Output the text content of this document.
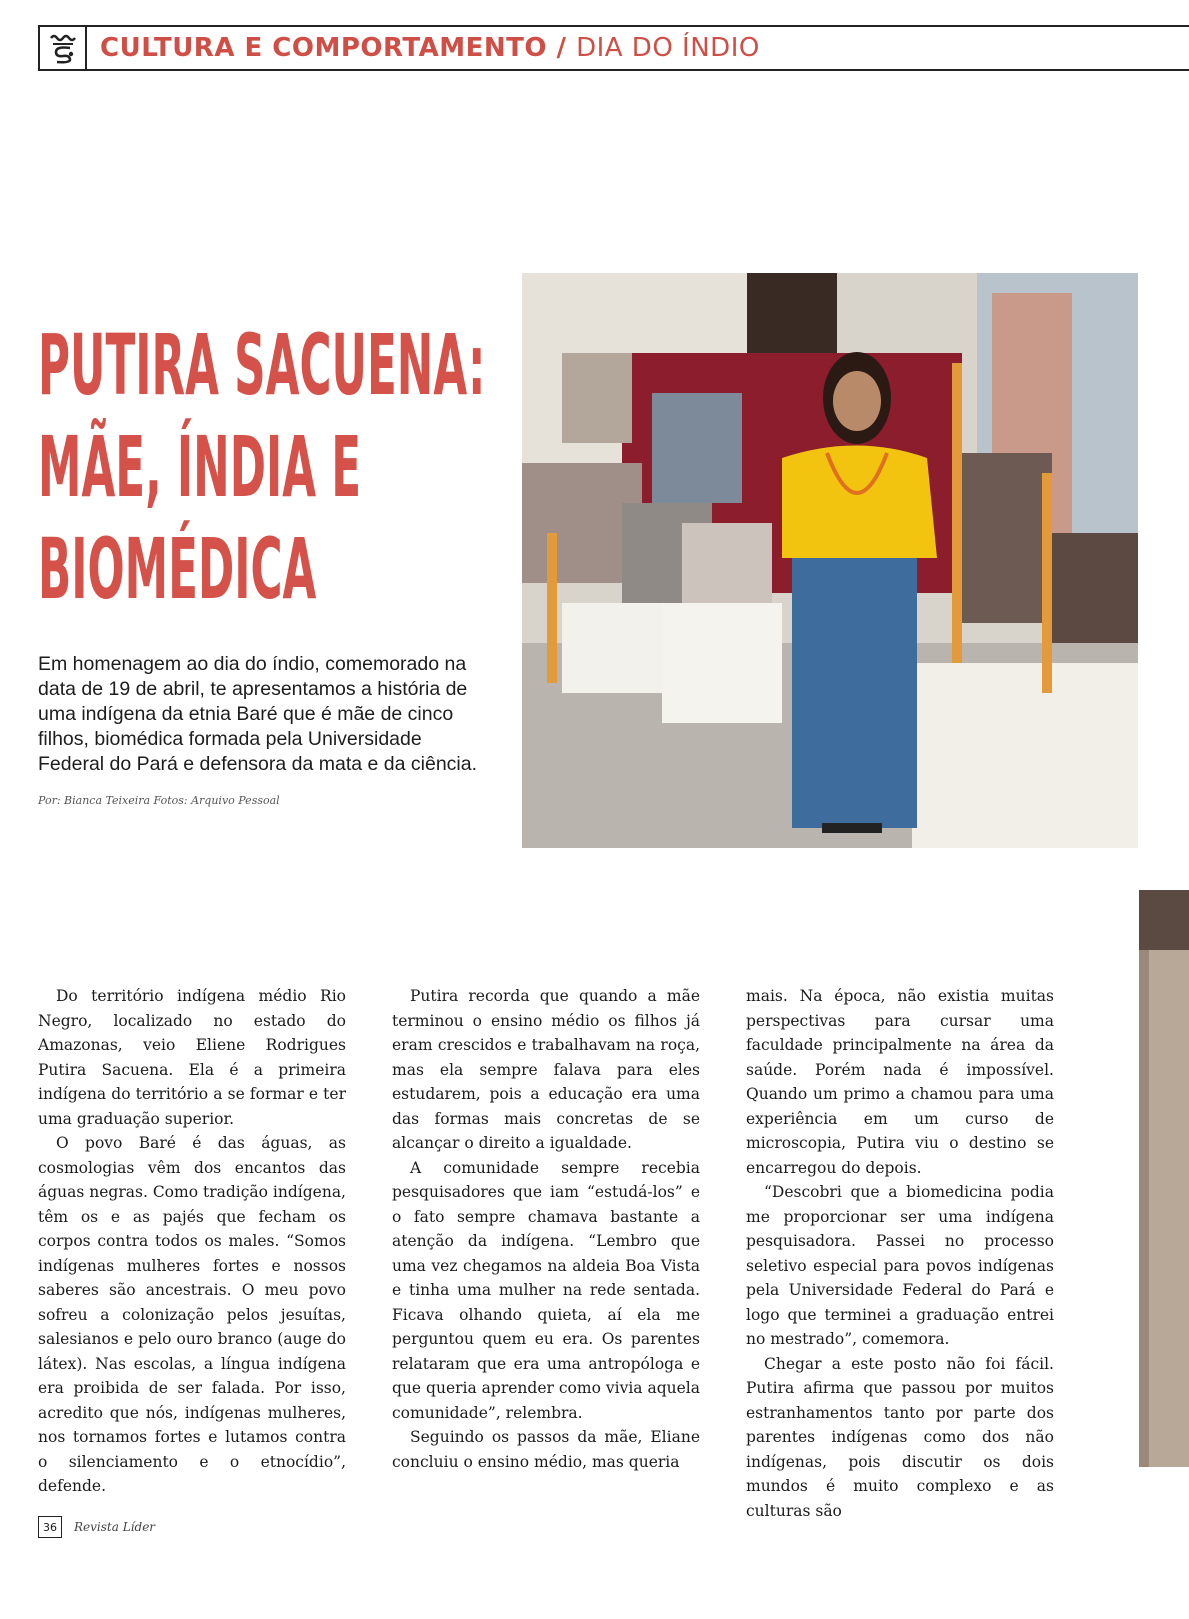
CULTURA E COMPORTAMENTO / DIA DO ÍNDIO
PUTIRA SACUENA:
MÃE, ÍNDIA E
BIOMÉDICA

Em homenagem ao dia do índio, comemorado na data de 19 de abril, te apresentamos a história de uma indígena da etnia Baré que é mãe de cinco filhos, biomédica formada pela Universidade Federal do Pará e defensora da mata e da ciência.

Por: Bianca Teixeira Fotos: Arquivo Pessoal

Do território indígena médio Rio Negro, localizado no estado do Amazonas, veio Eliene Rodrigues Putira Sacuena. Ela é a primeira indígena do território a se formar e ter uma graduação superior.

O povo Baré é das águas, as cosmologias vêm dos encantos das águas negras. Como tradição indígena, têm os e as pajés que fecham os corpos contra todos os males. “Somos indígenas mulheres fortes e nossos saberes são ancestrais. O meu povo sofreu a colonização pelos jesuítas, salesianos e pelo ouro branco (auge do látex). Nas escolas, a língua indígena era proibida de ser falada. Por isso, acredito que nós, indígenas mulheres, nos tornamos fortes e lutamos contra o silenciamento e o etnocídio”, defende.

Putira recorda que quando a mãe terminou o ensino médio os filhos já eram crescidos e trabalhavam na roça, mas ela sempre falava para eles estudarem, pois a educação era uma das formas mais concretas de se alcançar o direito a igualdade.

A comunidade sempre recebia pesquisadores que iam “estudá-los” e o fato sempre chamava bastante a atenção da indígena. “Lembro que uma vez chegamos na aldeia Boa Vista e tinha uma mulher na rede sentada. Ficava olhando quieta, aí ela me perguntou quem eu era. Os parentes relataram que era uma antropóloga e que queria aprender como vivia aquela comunidade”, relembra.

Seguindo os passos da mãe, Eliane concluiu o ensino médio, mas queria

mais. Na época, não existia muitas perspectivas para cursar uma faculdade principalmente na área da saúde. Porém nada é impossível. Quando um primo a chamou para uma experiência em um curso de microscopia, Putira viu o destino se encarregou do depois.

“Descobri que a biomedicina podia me proporcionar ser uma indígena pesquisadora. Passei no processo seletivo especial para povos indígenas pela Universidade Federal do Pará e logo que terminei a graduação entrei no mestrado”, comemora.

Chegar a este posto não foi fácil. Putira afirma que passou por muitos estranhamentos tanto por parte dos parentes indígenas como dos não indígenas, pois discutir os dois mundos é muito complexo e as culturas são

36	Revista Líder
